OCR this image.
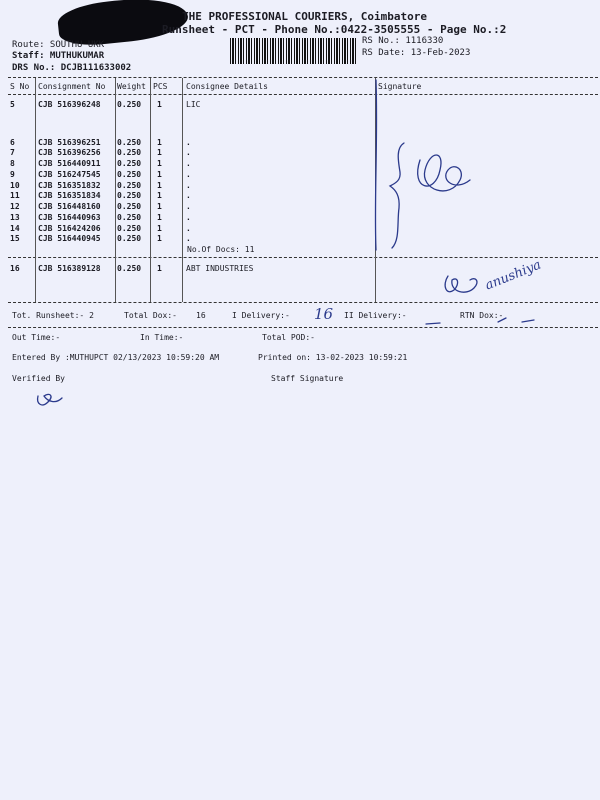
THE PROFESSIONAL COURIERS, Coimbatore
Runsheet - PCT - Phone No.:0422-3505555 - Page No.:2
Route: SOUTHU UKK
Staff: MUTHUKUMAR
DRS No.: DCJB111633002
RS No.: 1116330
RS Date: 13-Feb-2023
S No Consignment No Weight PCS Consignee Details	Signature
5	CJB 516396248 0.250 1	LIC
6	CJB 516396251 0.250 1	.
7	CJB 516396256 0.250 1	.
8	CJB 516440911 0.250 1	.
9	CJB 516247545 0.250 1	.
10 CJB 516351832 0.250 1	.
11 CJB 516351834 0.250 1	.
12 CJB 516448160 0.250 1	.
13 CJB 516440963 0.250 1	.
14 CJB 516424206 0.250 1	.
15 CJB 516440945 0.250 1	.
No.Of Docs: 11
16 CJB 516389128 0.250 1	ABT INDUSTRIES
Tot. Runsheet:- 2	Total Dox:- 16	I Delivery:- 16 II Delivery:-	RTN Dox:-
Out Time:-	In Time:-	Total POD:-
Entered By :MUTHUPCT 02/13/2023 10:59:20 AM	Printed on: 13-02-2023 10:59:21
Verified By	Staff Signature
anushiya
